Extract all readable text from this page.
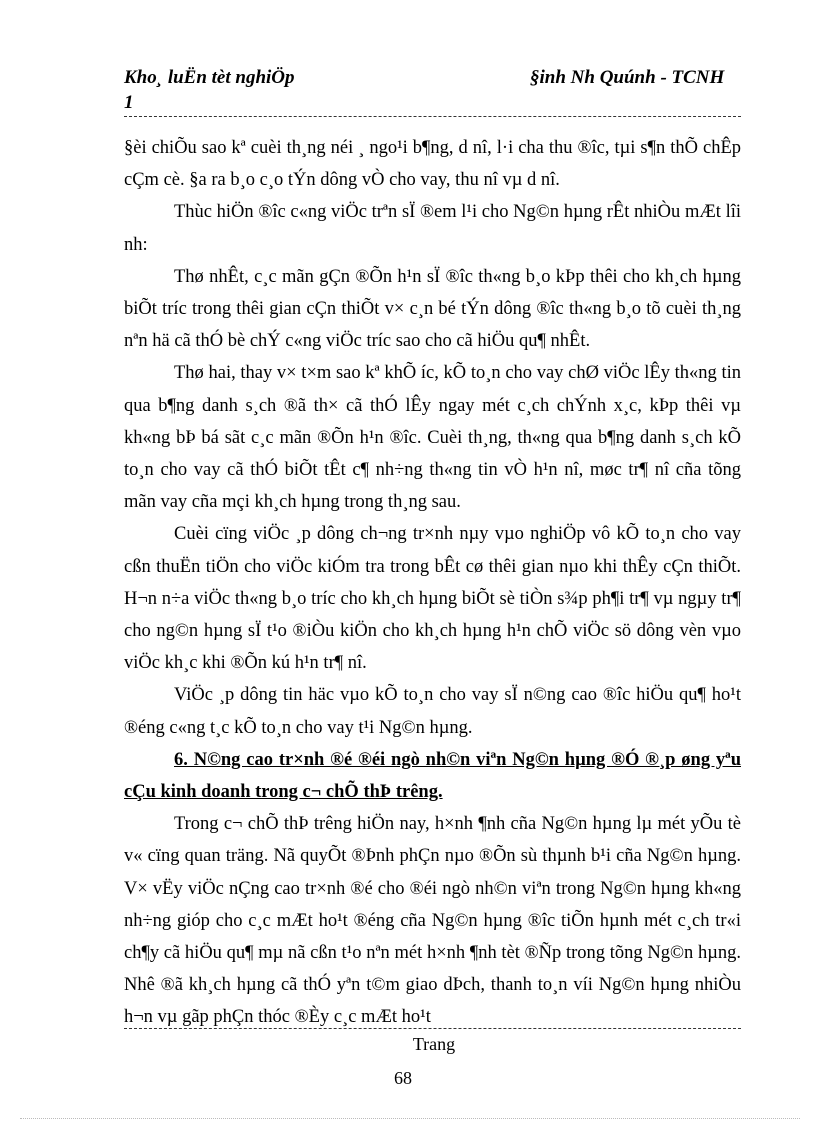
Kho¸ luËn tèt nghiÖp
1
§inh Nh Quúnh - TCNH

§èi chiÕu sao kª cuèi th¸ng néi ¸ ngo¹i b¶ng, d nî, l·i cha thu ®îc, tµi s¶n thÕ chÊp cÇm cè. §a ra b¸o c¸o tÝn dông vÒ cho vay, thu nî vµ d nî.

Thùc hiÖn ®îc c«ng viÖc trªn sÏ ®em l¹i cho Ng©n hµng rÊt nhiÒu mÆt lîi nh:

Thø nhÊt, c¸c mãn gÇn ®Õn h¹n sÏ ®îc th«ng b¸o kÞp thêi cho kh¸ch hµng biÕt tríc trong thêi gian cÇn thiÕt v× c¸n bé tÝn dông ®îc th«ng b¸o tõ cuèi th¸ng nªn hä cã thÓ bè chÝ c«ng viÖc tríc sao cho cã hiÖu qu¶ nhÊt.

Thø hai, thay v× t×m sao kª khÕ íc, kÕ to¸n cho vay chØ viÖc lÊy th«ng tin qua b¶ng danh s¸ch ®ã th× cã thÓ lÊy ngay mét c¸ch chÝnh x¸c, kÞp thêi vµ kh«ng bÞ bá sãt c¸c mãn ®Õn h¹n ®îc. Cuèi th¸ng, th«ng qua b¶ng danh s¸ch kÕ to¸n cho vay cã thÓ biÕt tÊt c¶ nh÷ng th«ng tin vÒ h¹n nî, møc tr¶ nî cña tõng mãn vay cña mçi kh¸ch hµng trong th¸ng sau.

Cuèi cïng viÖc ¸p dông ch¬ng tr×nh nµy vµo nghiÖp vô kÕ to¸n cho vay cßn thuËn tiÖn cho viÖc kiÓm tra trong bÊt cø thêi gian nµo khi thÊy cÇn thiÕt. H¬n n÷a viÖc th«ng b¸o tríc cho kh¸ch hµng biÕt sè tiÒn s¾p ph¶i tr¶ vµ ngµy tr¶ cho ng©n hµng sÏ t¹o ®iÒu kiÖn cho kh¸ch hµng h¹n chÕ viÖc sö dông vèn vµo viÖc kh¸c khi ®Õn kú h¹n tr¶ nî.

ViÖc ¸p dông tin häc vµo kÕ to¸n cho vay sÏ n©ng cao ®îc hiÖu qu¶ ho¹t ®éng c«ng t¸c kÕ to¸n cho vay t¹i Ng©n hµng.

6. N©ng cao tr×nh ®é ®éi ngò nh©n viªn Ng©n hµng ®Ó ®¸p øng yªu cÇu kinh doanh trong c¬ chÕ thÞ trêng.

Trong c¬ chÕ thÞ trêng hiÖn nay, h×nh ¶nh cña Ng©n hµng lµ mét yÕu tè v« cïng quan träng. Nã quyÕt ®Þnh phÇn nµo ®Õn sù thµnh b¹i cña Ng©n hµng. V× vËy viÖc nÇng cao tr×nh ®é cho ®éi ngò nh©n viªn trong Ng©n hµng kh«ng nh÷ng gióp cho c¸c mÆt ho¹t ®éng cña Ng©n hµng ®îc tiÕn hµnh mét c¸ch tr«i ch¶y cã hiÖu qu¶ mµ nã cßn t¹o nªn mét h×nh ¶nh tèt ®Ñp trong tõng Ng©n hµng. Nhê ®ã kh¸ch hµng cã thÓ yªn t©m giao dÞch, thanh to¸n víi Ng©n hµng nhiÒu h¬n vµ gãp phÇn thóc ®Èy c¸c mÆt ho¹t

Trang
68
